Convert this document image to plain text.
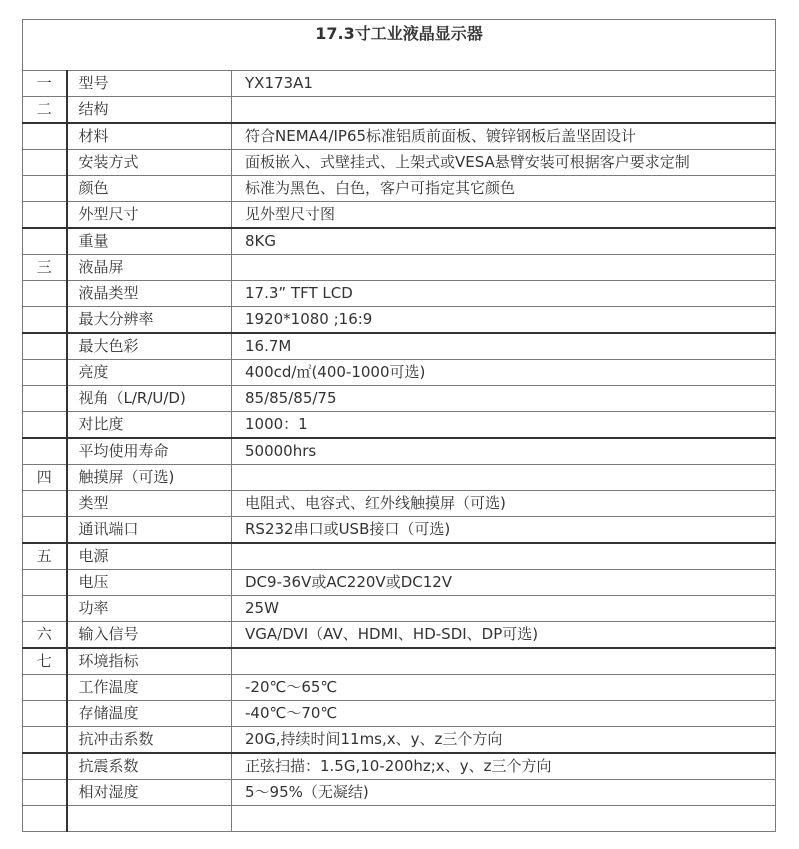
17.3寸工业液晶显示器		
一	型号	YX173A1
二	结构	
	材料	符合NEMA4/IP65标准铝质前面板、镀锌钢板后盖坚固设计
	安装方式	面板嵌入、式壁挂式、上架式或VESA悬臂安装可根据客户要求定制
	颜色	标准为黑色、白色，客户可指定其它颜色
	外型尺寸	见外型尺寸图
	重量	8KG
三	液晶屏	
	液晶类型	17.3” TFT LCD
	最大分辨率	1920*1080 ;16:9
	最大色彩	16.7M
	亮度	400cd/㎡(400-1000可选)
	视角（L/R/U/D)	85/85/85/75
	对比度	1000：1
	平均使用寿命	50000hrs
四	触摸屏（可选)	
	类型	电阻式、电容式、红外线触摸屏（可选)
	通讯端口	RS232串口或USB接口（可选)
五	电源	
	电压	DC9-36V或AC220V或DC12V
	功率	25W
六	输入信号	VGA/DVI（AV、HDMI、HD-SDI、DP可选)
七	环境指标	
	工作温度	-20℃～65℃
	存储温度	-40℃～70℃
	抗冲击系数	20G,持续时间11ms,x、y、z三个方向
	抗震系数	正弦扫描：1.5G,10-200hz;x、y、z三个方向
	相对湿度	5～95%（无凝结)
